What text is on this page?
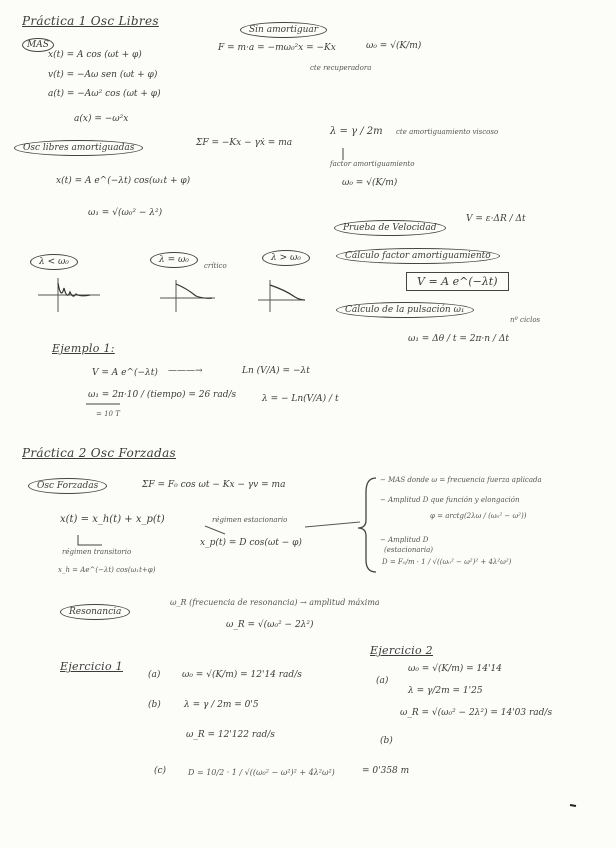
Práctica 1 Osc Libres
MAS
Sin amortiguar
F = m·a = −mω₀²x = −Kx	ω₀ = √(K/m)
cte recuperadora
x(t) = A cos (ωt + φ)
v(t) = −Aω sen (ωt + φ)
a(t) = −Aω² cos (ωt + φ)
a(x) = −ω²x
Osc libres amortiguadas	ΣF = −Kx − γẋ = ma
λ = γ / 2m cte amortiguamiento viscoso
factor amortiguamiento
ω₀ = √(K/m)
x(t) = A e^(−λt) cos(ω₁t + φ)
ω₁ = √(ω₀² − λ²)
λ < ω₀	λ = ω₀
crítico
λ > ω₀
Prueba de Velocidad
V = ε·ΔR / Δt
Cálculo factor amortiguamiento
V = A e^(−λt)
Cálculo de la pulsación ω₁
ω₁ = Δθ / t = 2π·n / Δt
nº ciclos
Ejemplo 1:
V = A e^(−λt) ———→	Ln (V/A) = −λt
ω₁ = 2π·10 / (tiempo) = 26 rad/s	λ = − Ln(V/A) / t
= 10 T
Práctica 2 Osc Forzadas
Osc Forzadas	ΣF = F₀ cos ωt − Kx − γv = ma
x(t) = x_h(t) + x_p(t)
régimen transitorio
régimen estacionario
x_p(t) = D cos(ωt − φ)
x_h = Ae^(−λt) cos(ω₁t+φ)
− MAS donde ω = frecuencia fuerza aplicada
− Amplitud D que función y elongación
φ = arctg(2λω / (ω₀² − ω²))
− Amplitud D
(estacionaria)
D = F₀/m · 1 / √((ω₀² − ω²)² + 4λ²ω²)
Resonancia
ω_R (frecuencia de resonancia) → amplitud máxima
ω_R = √(ω₀² − 2λ²)
Ejercicio 1
(a) ω₀ = √(K/m) = 12'14 rad/s
(b)	λ = γ / 2m = 0'5
ω_R = 12'122 rad/s
(c)	D = 10/2 · 1 / √((ω₀² − ω²)² + 4λ²ω²)	= 0'358 m
Ejercicio 2
(a)
ω₀ = √(K/m) = 14'14
λ = γ/2m = 1'25
ω_R = √(ω₀² − 2λ²) = 14'03 rad/s
(b)
